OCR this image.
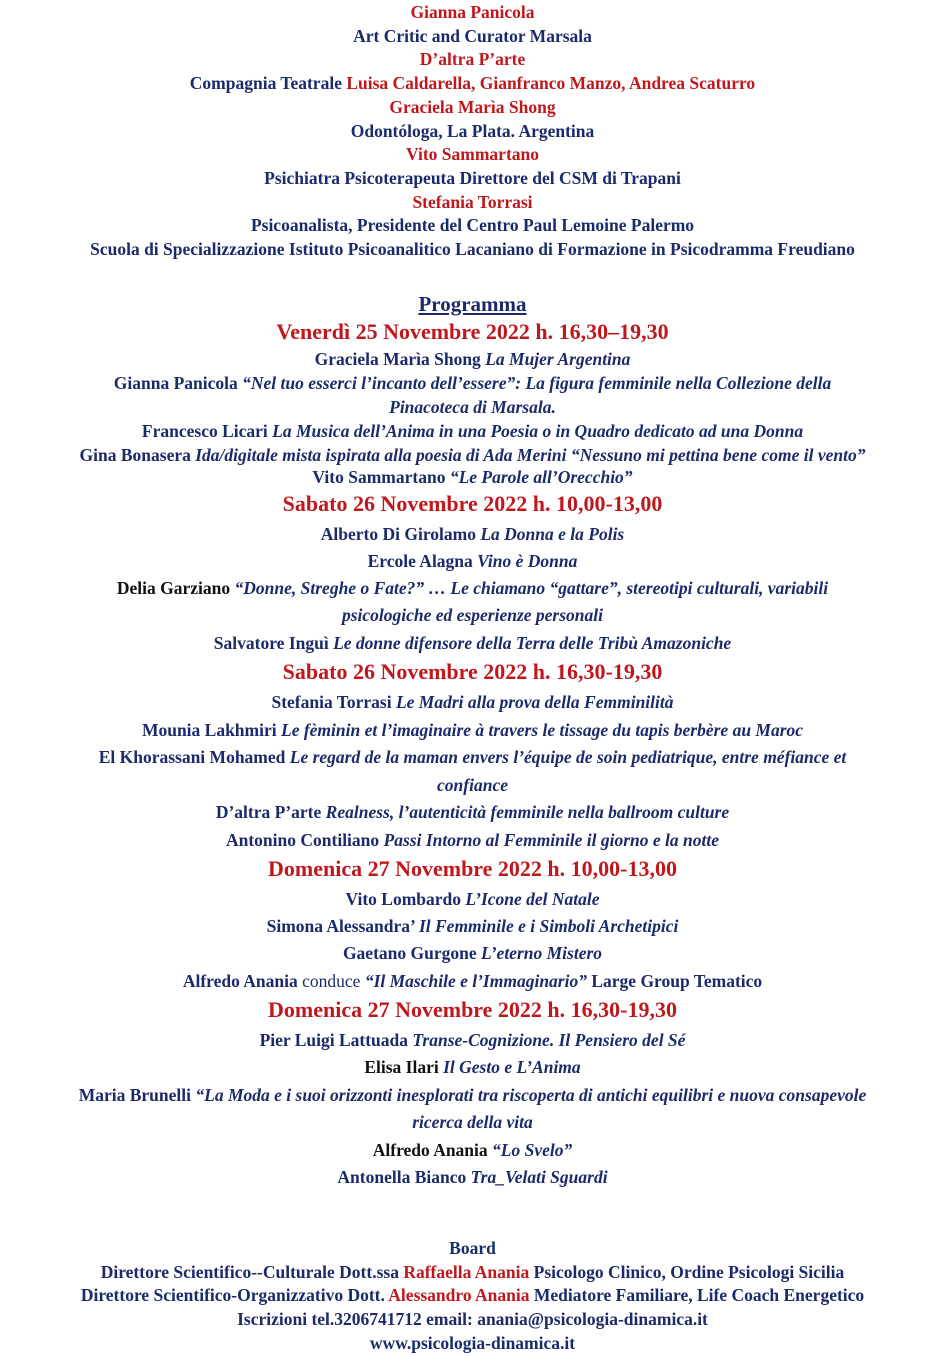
Gianna Panicola

Art Critic and Curator Marsala

D’altra P’arte

Compagnia Teatrale Luisa Caldarella, Gianfranco Manzo, Andrea Scaturro

Graciela Marìa Shong

Odontóloga, La Plata. Argentina

Vito Sammartano

Psichiatra Psicoterapeuta Direttore del CSM di Trapani

Stefania Torrasi

Psicoanalista, Presidente del Centro Paul Lemoine Palermo

Scuola di Specializzazione Istituto Psicoanalitico Lacaniano di Formazione in Psicodramma Freudiano

Programma
Venerdì 25 Novembre 2022 h. 16,30–19,30
Graciela Marìa Shong La Mujer Argentina
Gianna Panicola “Nel tuo esserci l’incanto dell’essere”: La figura femminile nella Collezione della
Pinacoteca di Marsala.
Francesco Licari La Musica dell’Anima in una Poesia o in Quadro dedicato ad una Donna
Gina Bonasera Ida/digitale mista ispirata alla poesia di Ada Merini “Nessuno mi pettina bene come il vento”
Vito Sammartano “Le Parole all’Orecchio”
Sabato 26 Novembre 2022 h. 10,00-13,00
Alberto Di Girolamo La Donna e la Polis
Ercole Alagna Vino è Donna
Delia Garziano “Donne, Streghe o Fate?” … Le chiamano “gattare”, stereotipi culturali, variabili
psicologiche ed esperienze personali
Salvatore Inguì Le donne difensore della Terra delle Tribù Amazoniche
Sabato 26 Novembre 2022 h. 16,30-19,30
Stefania Torrasi Le Madri alla prova della Femminilità
Mounia Lakhmiri Le fèminin et l’imaginaire à travers le tissage du tapis berbère au Maroc
El Khorassani Mohamed Le regard de la maman envers l’équipe de soin pediatrique, entre méfiance et
confiance
D’altra P’arte Realness, l’autenticità femminile nella ballroom culture
Antonino Contiliano Passi Intorno al Femminile il giorno e la notte
Domenica 27 Novembre 2022 h. 10,00-13,00
Vito Lombardo L’Icone del Natale
Simona Alessandra’ Il Femminile e i Simboli Archetipici
Gaetano Gurgone L’eterno Mistero
Alfredo Anania conduce “Il Maschile e l’Immaginario” Large Group Tematico
Domenica 27 Novembre 2022 h. 16,30-19,30
Pier Luigi Lattuada Transe-Cognizione. Il Pensiero del Sé
Elisa Ilari Il Gesto e L’Anima
Maria Brunelli “La Moda e i suoi orizzonti inesplorati tra riscoperta di antichi equilibri e nuova consapevole
ricerca della vita
Alfredo Anania “Lo Svelo”
Antonella Bianco Tra_Velati Sguardi

Board

Direttore Scientifico--Culturale Dott.ssa Raffaella Anania Psicologo Clinico, Ordine Psicologi Sicilia

Direttore Scientifico-Organizzativo Dott. Alessandro Anania Mediatore Familiare, Life Coach Energetico

Iscrizioni tel.3206741712 email: anania@psicologia-dinamica.it

www.psicologia-dinamica.it
